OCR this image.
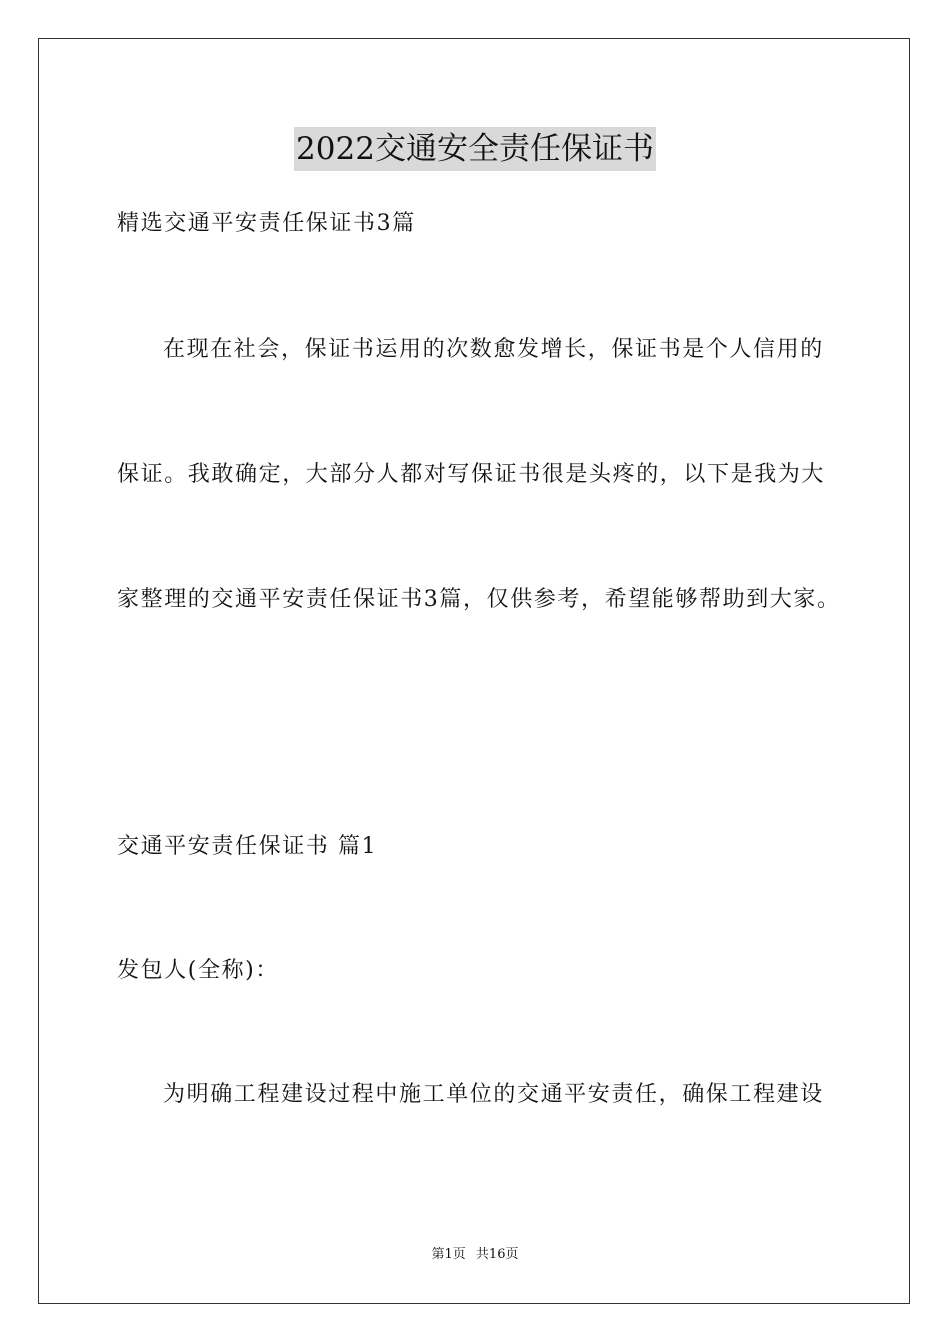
2022交通安全责任保证书
精选交通平安责任保证书3篇
在现在社会，保证书运用的次数愈发增长，保证书是个人信用的
保证。我敢确定，大部分人都对写保证书很是头疼的，以下是我为大
家整理的交通平安责任保证书3篇，仅供参考，希望能够帮助到大家。
交通平安责任保证书 篇1
发包人(全称)：
为明确工程建设过程中施工单位的交通平安责任，确保工程建设
第1页 共16页
